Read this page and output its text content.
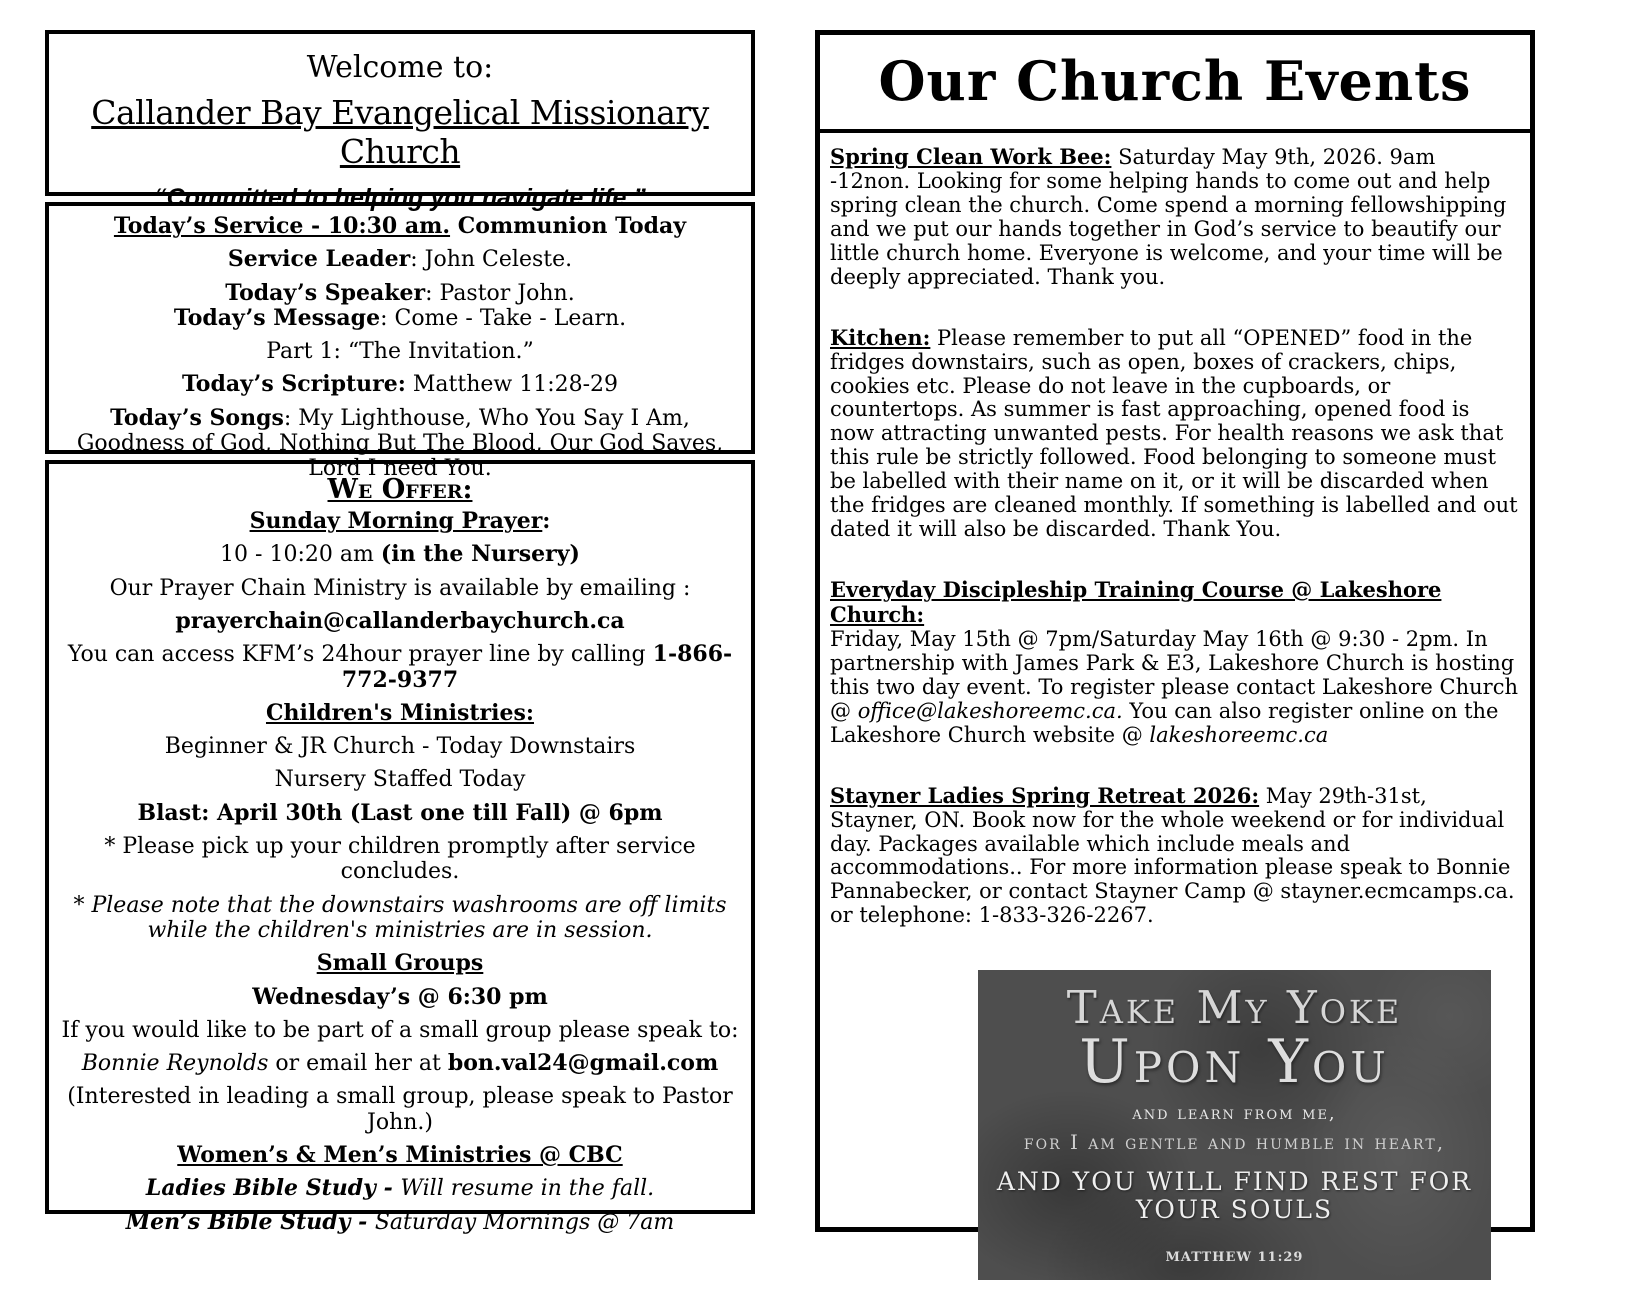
Welcome to:
Callander Bay Evangelical Missionary Church
“Committed to helping you navigate life.”
Today’s Service - 10:30 am. Communion Today
Service Leader: John Celeste.
Today’s Speaker: Pastor John.
Today’s Message: Come - Take - Learn.
Part 1: “The Invitation.”
Today’s Scripture: Matthew 11:28-29
Today’s Songs: My Lighthouse, Who You Say I Am, Goodness of God, Nothing But The Blood, Our God Saves, Lord I need You.
We Offer:
Sunday Morning Prayer:
10 - 10:20 am (in the Nursery)
Our Prayer Chain Ministry is available by emailing :
prayerchain@callanderbaychurch.ca
You can access KFM’s 24hour prayer line by calling 1-866-772-9377
Children's Ministries:
Beginner & JR Church - Today Downstairs
Nursery Staffed Today
Blast: April 30th (Last one till Fall) @ 6pm
* Please pick up your children promptly after service concludes.
* Please note that the downstairs washrooms are off limits while the children's ministries are in session.
Small Groups
Wednesday’s @ 6:30 pm
If you would like to be part of a small group please speak to:
Bonnie Reynolds or email her at bon.val24@gmail.com
(Interested in leading a small group, please speak to Pastor John.)
Women’s & Men’s Ministries @ CBC
Ladies Bible Study - Will resume in the fall.
Men’s Bible Study - Saturday Mornings @ 7am
Our Church Events
Spring Clean Work Bee: Saturday May 9th, 2026. 9am -12non. Looking for some helping hands to come out and help spring clean the church. Come spend a morning fellowshipping and we put our hands together in God’s service to beautify our little church home. Everyone is welcome, and your time will be deeply appreciated. Thank you.
Kitchen: Please remember to put all “OPENED” food in the fridges downstairs, such as open, boxes of crackers, chips, cookies etc. Please do not leave in the cupboards, or countertops. As summer is fast approaching, opened food is now attracting unwanted pests. For health reasons we ask that this rule be strictly followed. Food belonging to someone must be labelled with their name on it, or it will be discarded when the fridges are cleaned monthly. If something is labelled and out dated it will also be discarded. Thank You.
Everyday Discipleship Training Course @ Lakeshore Church:
Friday, May 15th @ 7pm/Saturday May 16th @ 9:30 - 2pm. In partnership with James Park & E3, Lakeshore Church is hosting this two day event. To register please contact Lakeshore Church @ office@lakeshoreemc.ca. You can also register online on the Lakeshore Church website @ lakeshoreemc.ca
Stayner Ladies Spring Retreat 2026: May 29th-31st, Stayner, ON. Book now for the whole weekend or for individual day. Packages available which include meals and accommodations.. For more information please speak to Bonnie Pannabecker, or contact Stayner Camp @ stayner.ecmcamps.ca. or telephone: 1-833-326-2267.
Take My Yoke
Upon You
and learn from me,
for I am gentle and humble in heart,
AND YOU WILL FIND REST FOR YOUR SOULS
MATTHEW 11:29
